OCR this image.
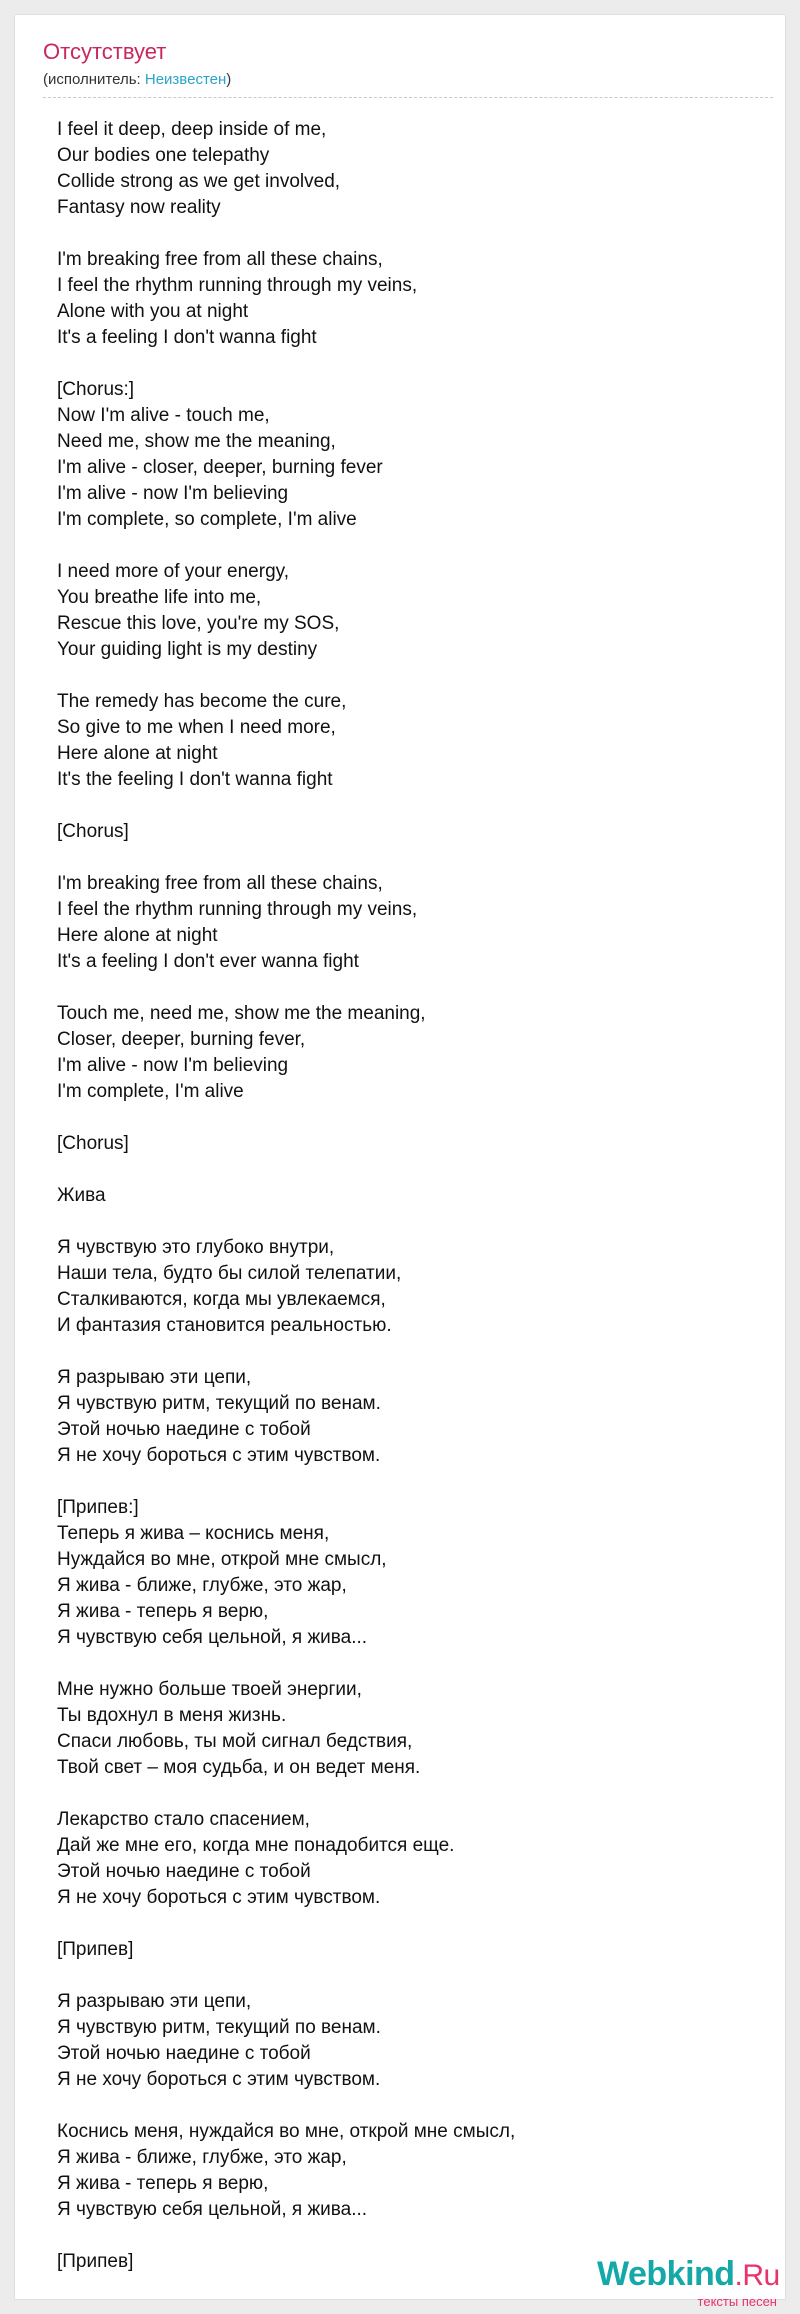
Отсутствует

(исполнитель: Неизвестен)

I feel it deep, deep inside of me,
Our bodies one telepathy
Collide strong as we get involved,
Fantasy now reality
I'm breaking free from all these chains,
I feel the rhythm running through my veins,
Alone with you at night
It's a feeling I don't wanna fight
[Chorus:]
Now I'm alive - touch me,
Need me, show me the meaning,
I'm alive - closer, deeper, burning fever
I'm alive - now I'm believing
I'm complete, so complete, I'm alive
I need more of your energy,
You breathe life into me,
Rescue this love, you're my SOS,
Your guiding light is my destiny
The remedy has become the cure,
So give to me when I need more,
Here alone at night
It's the feeling I don't wanna fight
[Chorus]
I'm breaking free from all these chains,
I feel the rhythm running through my veins,
Here alone at night
It's a feeling I don't ever wanna fight
Touch me, need me, show me the meaning,
Closer, deeper, burning fever,
I'm alive - now I'm believing
I'm complete, I'm alive
[Chorus]
Жива
Я чувствую это глубоко внутри,
Наши тела, будто бы силой телепатии,
Сталкиваются, когда мы увлекаемся,
И фантазия становится реальностью.
Я разрываю эти цепи,
Я чувствую ритм, текущий по венам.
Этой ночью наедине с тобой
Я не хочу бороться с этим чувством.
[Припев:]
Теперь я жива – коснись меня,
Нуждайся во мне, открой мне смысл,
Я жива - ближе, глубже, это жар,
Я жива - теперь я верю,
Я чувствую себя цельной, я жива...
Мне нужно больше твоей энергии,
Ты вдохнул в меня жизнь.
Спаси любовь, ты мой сигнал бедствия,
Твой свет – моя судьба, и он ведет меня.
Лекарство стало спасением,
Дай же мне его, когда мне понадобится еще.
Этой ночью наедине с тобой
Я не хочу бороться с этим чувством.
[Припев]
Я разрываю эти цепи,
Я чувствую ритм, текущий по венам.
Этой ночью наедине с тобой
Я не хочу бороться с этим чувством.
Коснись меня, нуждайся во мне, открой мне смысл,
Я жива - ближе, глубже, это жар,
Я жива - теперь я верю,
Я чувствую себя цельной, я жива...
[Припев]	Webkind.Ru
тексты песен
